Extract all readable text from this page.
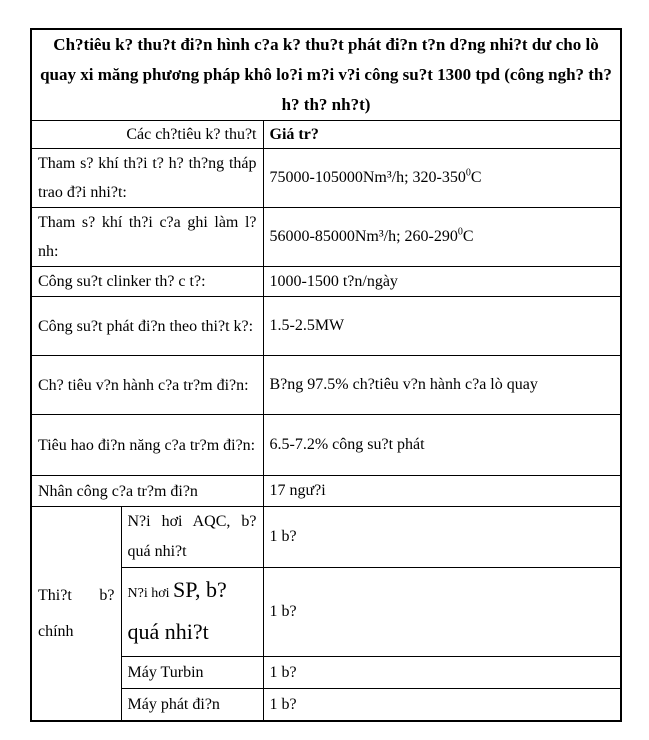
Ch?tiêu k? thu?t đi?n hình c?a k? thu?t phát đi?n t?n d?ng nhi?t dư cho lò quay xi măng phương pháp khô lo?i m?i v?i công su?t 1300 tpd (công ngh? th? h? th? nh?t)		
Các ch?tiêu k? thu?t		Giá tr?
Tham s? khí th?i t? h? th?ng tháp trao đ?i nhi?t:		75000-105000Nm³/h; $320-350^0C$
Tham s? khí th?i c?a ghi làm l?nh:		56000-85000Nm³/h; $260-290^0C$
Công su?t clinker th? c t?:		1000-1500 t?n/ngày
Công su?t phát đi?n theo thi?t k?:		1.5-2.5MW
Ch? tiêu v?n hành c?a tr?m đi?n:		B?ng 97.5% ch?tiêu v?n hành c?a lò quay
Tiêu hao đi?n năng c?a tr?m đi?n:		6.5-7.2% công su?t phát
Nhân công c?a tr?m đi?n		17 ngư?i
Thi?t b? chính	N?i hơi AQC, b? quá nhi?t	1 b?
	N?i hơi SP, b? quá nhi?t	1 b?
	Máy Turbin	1 b?
	Máy phát đi?n	1 b?
